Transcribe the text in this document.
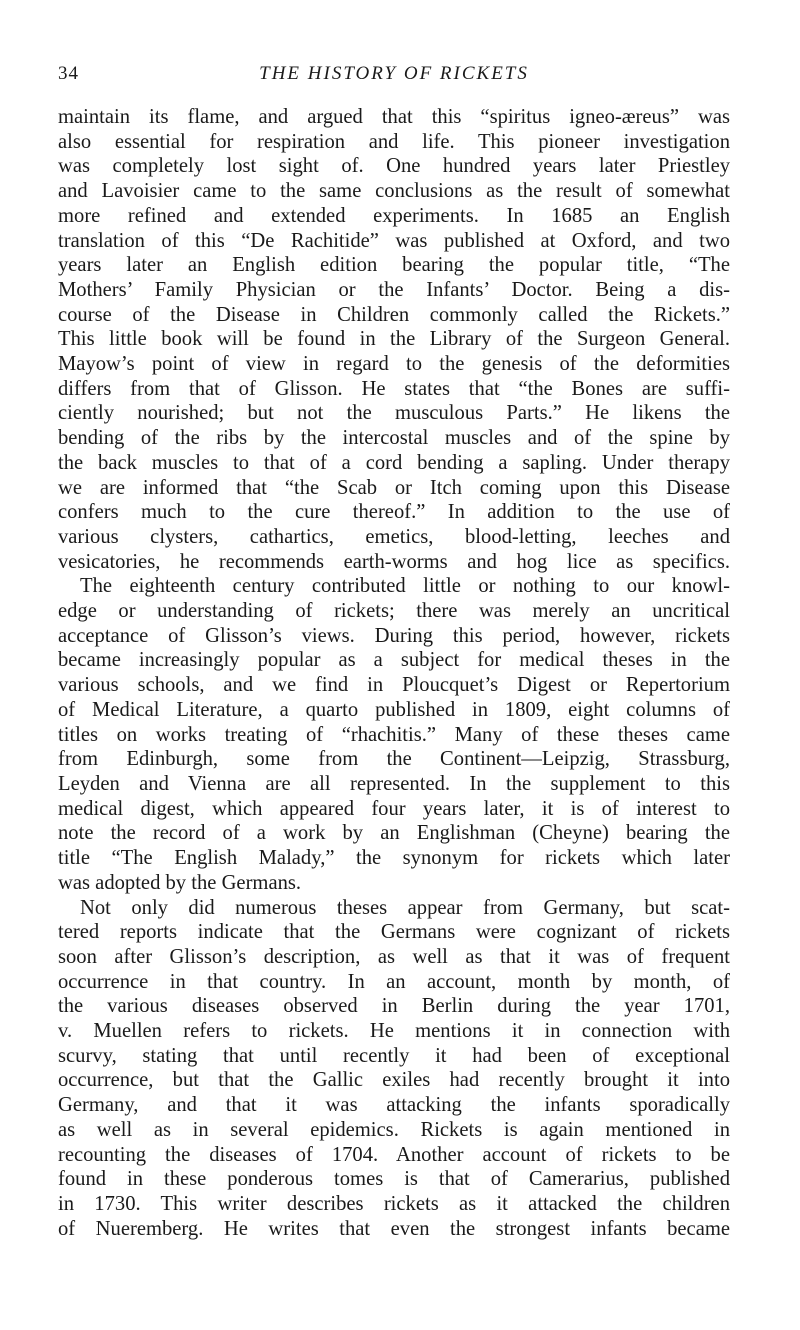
34	THE HISTORY OF RICKETS

maintain its flame, and argued that this “spiritus igneo-æreus” was

also essential for respiration and life. This pioneer investigation

was completely lost sight of. One hundred years later Priestley

and Lavoisier came to the same conclusions as the result of somewhat

more refined and extended experiments. In 1685 an English

translation of this “De Rachitide” was published at Oxford, and two

years later an English edition bearing the popular title, “The

Mothers’ Family Physician or the Infants’ Doctor. Being a dis-

course of the Disease in Children commonly called the Rickets.”

This little book will be found in the Library of the Surgeon General.

Mayow’s point of view in regard to the genesis of the deformities

differs from that of Glisson. He states that “the Bones are suffi-

ciently nourished; but not the musculous Parts.” He likens the

bending of the ribs by the intercostal muscles and of the spine by

the back muscles to that of a cord bending a sapling. Under therapy

we are informed that “the Scab or Itch coming upon this Disease

confers much to the cure thereof.” In addition to the use of

various clysters, cathartics, emetics, blood-letting, leeches and

vesicatories, he recommends earth-worms and hog lice as specifics.

The eighteenth century contributed little or nothing to our knowl-

edge or understanding of rickets; there was merely an uncritical

acceptance of Glisson’s views. During this period, however, rickets

became increasingly popular as a subject for medical theses in the

various schools, and we find in Ploucquet’s Digest or Repertorium

of Medical Literature, a quarto published in 1809, eight columns of

titles on works treating of “rhachitis.” Many of these theses came

from Edinburgh, some from the Continent—Leipzig, Strassburg,

Leyden and Vienna are all represented. In the supplement to this

medical digest, which appeared four years later, it is of interest to

note the record of a work by an Englishman (Cheyne) bearing the

title “The English Malady,” the synonym for rickets which later

was adopted by the Germans.

Not only did numerous theses appear from Germany, but scat-

tered reports indicate that the Germans were cognizant of rickets

soon after Glisson’s description, as well as that it was of frequent

occurrence in that country. In an account, month by month, of

the various diseases observed in Berlin during the year 1701,

v. Muellen refers to rickets. He mentions it in connection with

scurvy, stating that until recently it had been of exceptional

occurrence, but that the Gallic exiles had recently brought it into

Germany, and that it was attacking the infants sporadically

as well as in several epidemics. Rickets is again mentioned in

recounting the diseases of 1704. Another account of rickets to be

found in these ponderous tomes is that of Camerarius, published

in 1730. This writer describes rickets as it attacked the children

of Nueremberg. He writes that even the strongest infants became
